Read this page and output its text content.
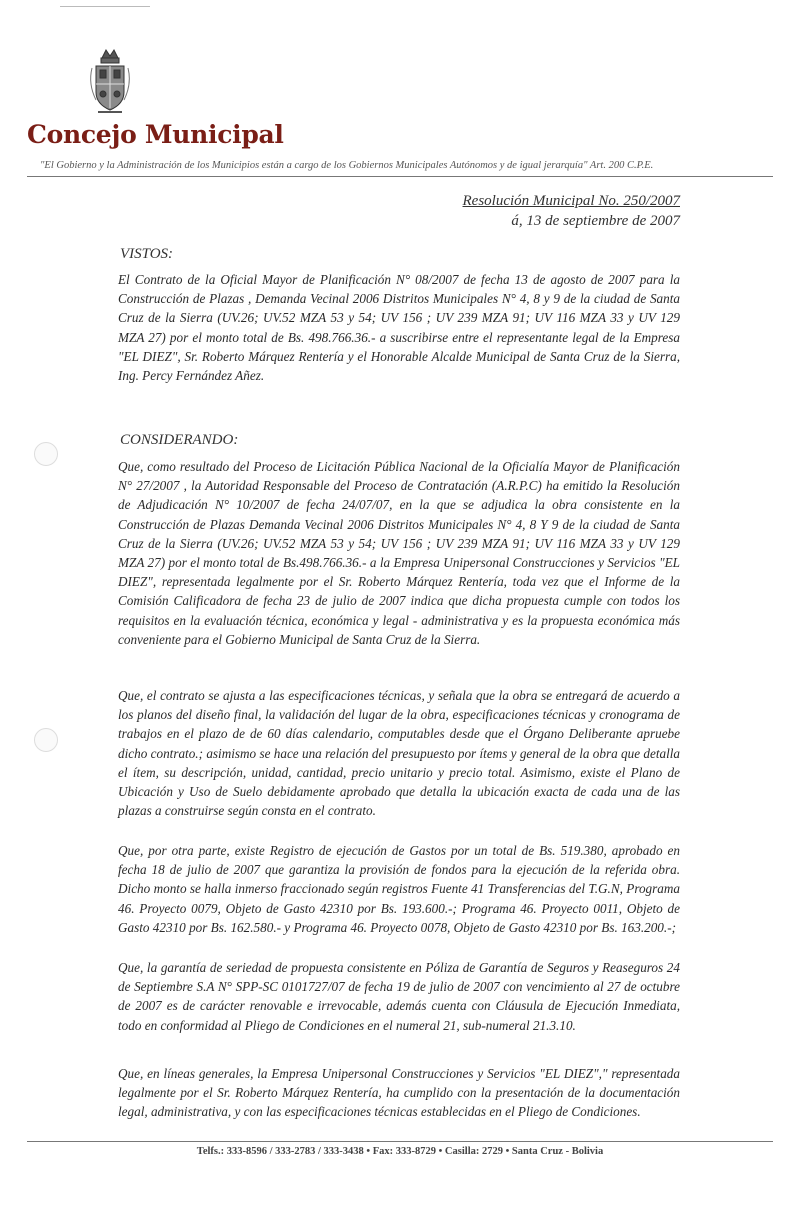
Concejo Municipal
"El Gobierno y la Administración de los Municipios están a cargo de los Gobiernos Municipales Autónomos y de igual jerarquía" Art. 200 C.P.E.
Resolución Municipal No. 250/2007
á, 13 de septiembre de 2007
VISTOS:

El Contrato de la Oficial Mayor de Planificación N° 08/2007 de fecha 13 de agosto de 2007 para la Construcción de Plazas , Demanda Vecinal 2006 Distritos Municipales N° 4, 8 y 9 de la ciudad de Santa Cruz de la Sierra (UV.26; UV.52 MZA 53 y 54; UV 156 ; UV 239 MZA 91; UV 116 MZA 33 y UV 129 MZA 27) por el monto total de Bs. 498.766.36.- a suscribirse entre el representante legal de la Empresa "EL DIEZ", Sr. Roberto Márquez Rentería y el Honorable Alcalde Municipal de Santa Cruz de la Sierra, Ing. Percy Fernández Añez.

CONSIDERANDO:

Que, como resultado del Proceso de Licitación Pública Nacional de la Oficialía Mayor de Planificación N° 27/2007 , la Autoridad Responsable del Proceso de Contratación (A.R.P.C) ha emitido la Resolución de Adjudicación N° 10/2007 de fecha 24/07/07, en la que se adjudica la obra consistente en la Construcción de Plazas Demanda Vecinal 2006 Distritos Municipales N° 4, 8 Y 9 de la ciudad de Santa Cruz de la Sierra (UV.26; UV.52 MZA 53 y 54; UV 156 ; UV 239 MZA 91; UV 116 MZA 33 y UV 129 MZA 27) por el monto total de Bs.498.766.36.- a la Empresa Unipersonal Construcciones y Servicios "EL DIEZ", representada legalmente por el Sr. Roberto Márquez Rentería, toda vez que el Informe de la Comisión Calificadora de fecha 23 de julio de 2007 indica que dicha propuesta cumple con todos los requisitos en la evaluación técnica, económica y legal - administrativa y es la propuesta económica más conveniente para el Gobierno Municipal de Santa Cruz de la Sierra.

Que, el contrato se ajusta a las especificaciones técnicas, y señala que la obra se entregará de acuerdo a los planos del diseño final, la validación del lugar de la obra, especificaciones técnicas y cronograma de trabajos en el plazo de de 60 días calendario, computables desde que el Órgano Deliberante apruebe dicho contrato.; asimismo se hace una relación del presupuesto por ítems y general de la obra que detalla el ítem, su descripción, unidad, cantidad, precio unitario y precio total. Asimismo, existe el Plano de Ubicación y Uso de Suelo debidamente aprobado que detalla la ubicación exacta de cada una de las plazas a construirse según consta en el contrato.

Que, por otra parte, existe Registro de ejecución de Gastos por un total de Bs. 519.380, aprobado en fecha 18 de julio de 2007 que garantiza la provisión de fondos para la ejecución de la referida obra. Dicho monto se halla inmerso fraccionado según registros Fuente 41 Transferencias del T.G.N, Programa 46. Proyecto 0079, Objeto de Gasto 42310 por Bs. 193.600.-; Programa 46. Proyecto 0011, Objeto de Gasto 42310 por Bs. 162.580.- y Programa 46. Proyecto 0078, Objeto de Gasto 42310 por Bs. 163.200.-;

Que, la garantía de seriedad de propuesta consistente en Póliza de Garantía de Seguros y Reaseguros 24 de Septiembre S.A N° SPP-SC 0101727/07 de fecha 19 de julio de 2007 con vencimiento al 27 de octubre de 2007 es de carácter renovable e irrevocable, además cuenta con Cláusula de Ejecución Inmediata, todo en conformidad al Pliego de Condiciones en el numeral 21, sub-numeral 21.3.10.

Que, en líneas generales, la Empresa Unipersonal Construcciones y Servicios "EL DIEZ"," representada legalmente por el Sr. Roberto Márquez Rentería, ha cumplido con la presentación de la documentación legal, administrativa, y con las especificaciones técnicas establecidas en el Pliego de Condiciones.

Telfs.: 333-8596 / 333-2783 / 333-3438 • Fax: 333-8729 • Casilla: 2729 • Santa Cruz - Bolivia
